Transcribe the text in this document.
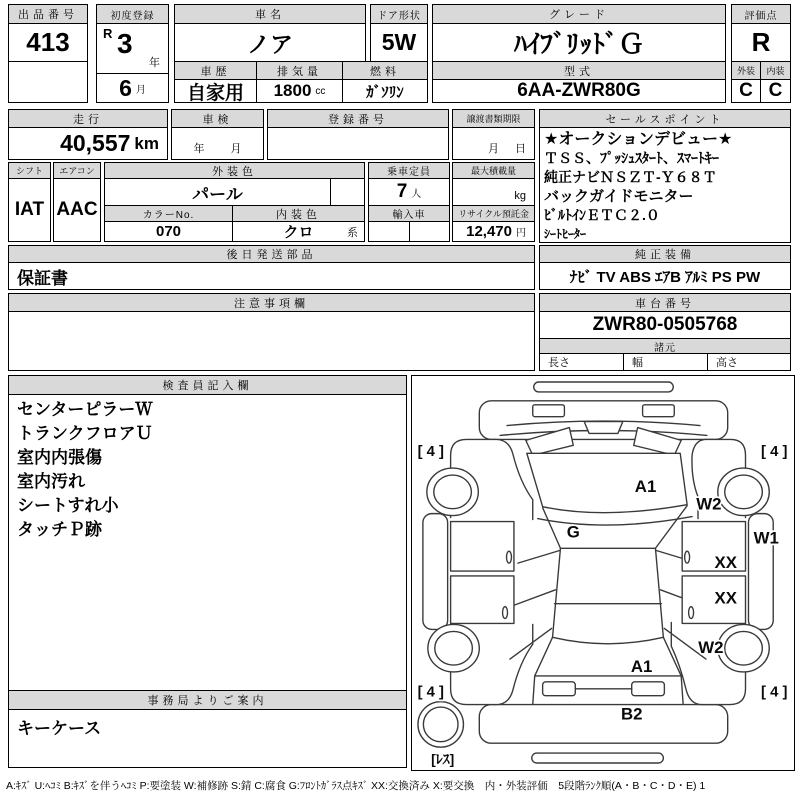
出品番号
413
初度登録
R 3
年
6 月
車名
ノア
ドア形状
5W
車歴
自家用
排気量
1800 cc
燃料
ｶﾞｿﾘﾝ
グレード
ﾊｲﾌﾞﾘｯﾄﾞＧ
型式
6AA-ZWR80G
評価点
R
外装	内装
C C
走行
40,557 km
車検
年 月
登録番号	譲渡書類期限
月 日
セールスポイント
★オークションデビュー★
ＴＳＳ、ﾌﾟｯｼｭｽﾀｰﾄ、ｽﾏｰﾄｷｰ
純正ナビＮＳＺＴ-Ｙ６８Ｔ
バックガイドモニター
ﾋﾞﾙﾄｲﾝＥＴＣ２.０
ｼｰﾄﾋｰﾀｰ
シフト	エアコン
IAT AAC
外装色
パール
乗車定員
7 人
最大積載量
kg
カラーNo.
070
内装色
クロ	系
輸入車	リサイクル預託金
12,470 円
後日発送部品
保証書
純正装備
ﾅﾋﾞ TV ABS ｴｱB ｱﾙﾐ PS PW
注意事項欄	車台番号
ZWR80-0505768
諸元
長さ	幅	高さ
検査員記入欄
センターピラーＷ
トランクフロアＵ
室内内張傷
室内汚れ
シートすれ小
タッチＰ跡
事務局よりご案内
キーケース
[ 4 ]	[ 4 ]
[ 4 ]	[ 4 ]
A1
W2
G	W1
XX
XX
W2
A1
B2
[ﾚｽ]
A:ｷｽﾞ U:ﾍｺﾐ B:ｷｽﾞを伴うﾍｺﾐ P:要塗装 W:補修跡 S:錆 C:腐食 G:ﾌﾛﾝﾄｶﾞﾗｽ点ｷｽﾞ XX:交換済み X:要交換　内・外装評価　5段階ﾗﾝｸ順(A・B・C・D・E) 1
